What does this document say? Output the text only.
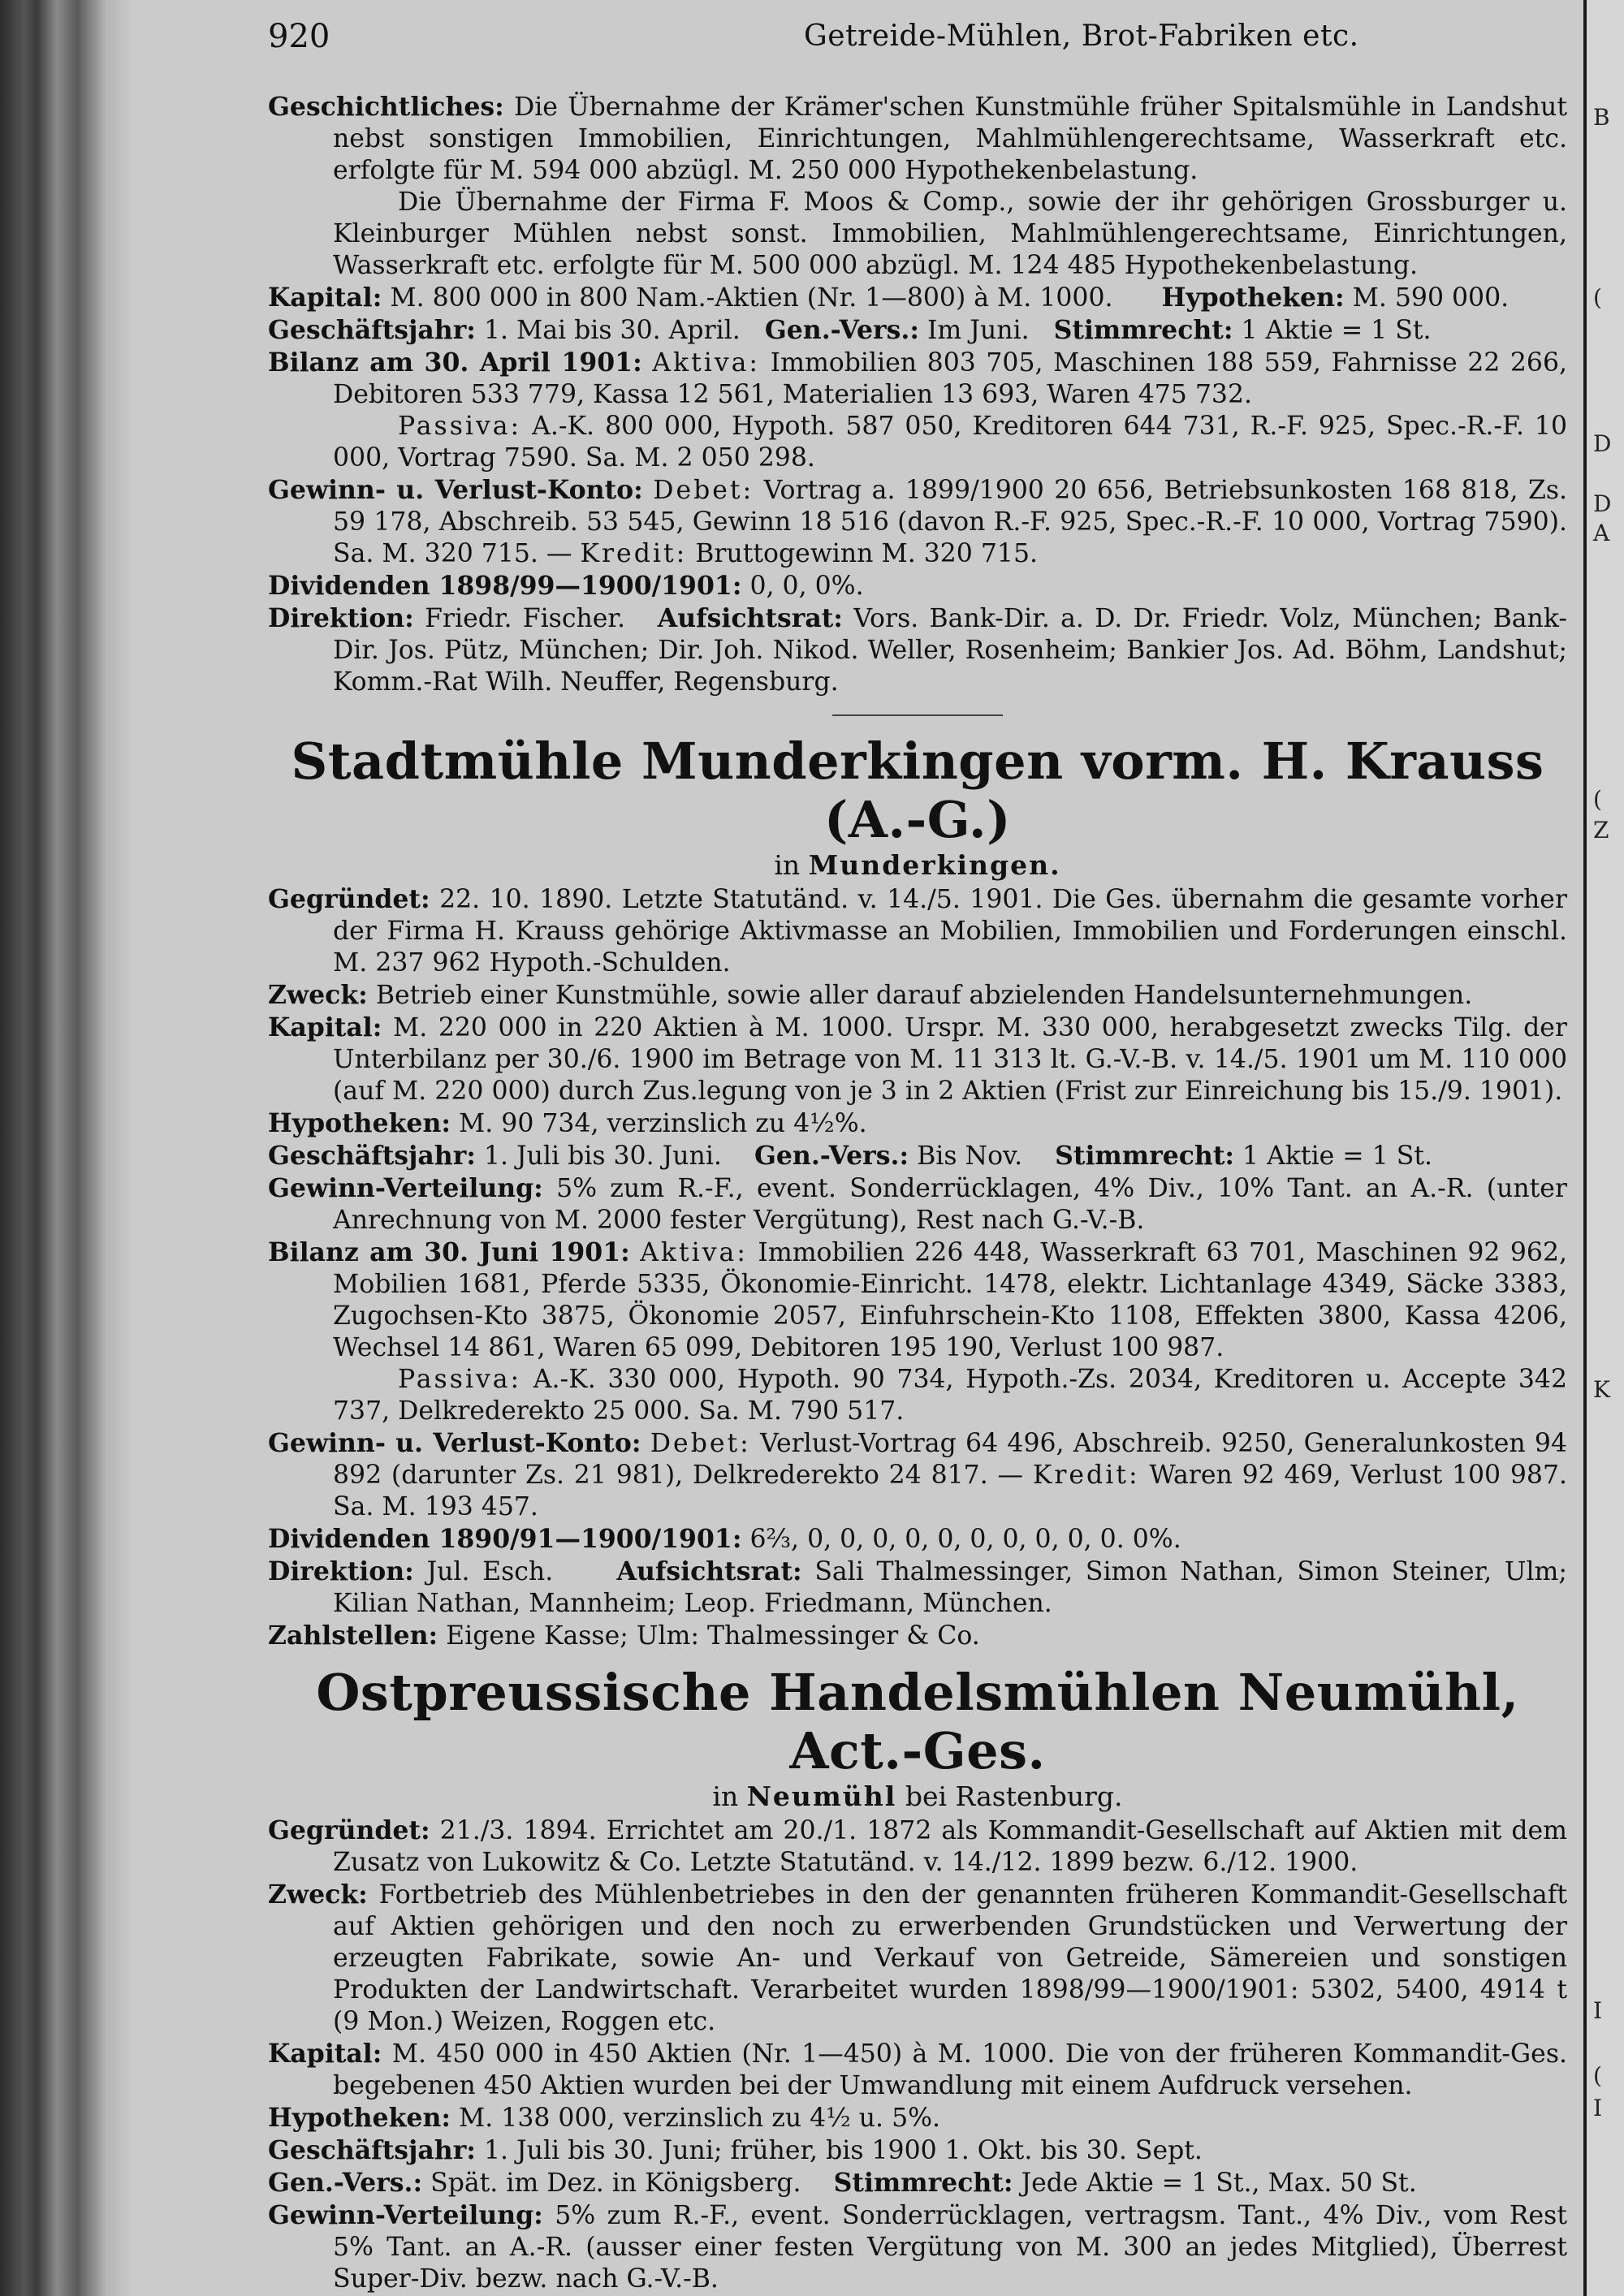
B
(
D
D
A
(
Z
K
I
(
I
920	Getreide-Mühlen, Brot-Fabriken etc.

Geschichtliches: Die Übernahme der Krämer'schen Kunstmühle früher Spitalsmühle in Landshut nebst sonstigen Immobilien, Einrichtungen, Mahlmühlengerechtsame, Wasserkraft etc. erfolgte für M. 594 000 abzügl. M. 250 000 Hypothekenbelastung.

Die Übernahme der Firma F. Moos & Comp., sowie der ihr gehörigen Grossburger u. Kleinburger Mühlen nebst sonst. Immobilien, Mahlmühlengerechtsame, Einrichtungen, Wasserkraft etc. erfolgte für M. 500 000 abzügl. M. 124 485 Hypothekenbelastung.

Kapital: M. 800 000 in 800 Nam.-Aktien (Nr. 1—800) à M. 1000. Hypotheken: M. 590 000.

Geschäftsjahr: 1. Mai bis 30. April. Gen.-Vers.: Im Juni. Stimmrecht: 1 Aktie = 1 St.

Bilanz am 30. April 1901: Aktiva: Immobilien 803 705, Maschinen 188 559, Fahrnisse 22 266, Debitoren 533 779, Kassa 12 561, Materialien 13 693, Waren 475 732.

Passiva: A.-K. 800 000, Hypoth. 587 050, Kreditoren 644 731, R.-F. 925, Spec.-R.-F. 10 000, Vortrag 7590. Sa. M. 2 050 298.

Gewinn- u. Verlust-Konto: Debet: Vortrag a. 1899/1900 20 656, Betriebsunkosten 168 818, Zs. 59 178, Abschreib. 53 545, Gewinn 18 516 (davon R.-F. 925, Spec.-R.-F. 10 000, Vortrag 7590). Sa. M. 320 715. — Kredit: Bruttogewinn M. 320 715.

Dividenden 1898/99—1900/1901: 0, 0, 0%.

Direktion: Friedr. Fischer. Aufsichtsrat: Vors. Bank-Dir. a. D. Dr. Friedr. Volz, München; Bank-Dir. Jos. Pütz, München; Dir. Joh. Nikod. Weller, Rosenheim; Bankier Jos. Ad. Böhm, Landshut; Komm.-Rat Wilh. Neuffer, Regensburg.

Stadtmühle Munderkingen vorm. H. Krauss (A.-G.)

in Munderkingen.

Gegründet: 22. 10. 1890. Letzte Statutänd. v. 14./5. 1901. Die Ges. übernahm die gesamte vorher der Firma H. Krauss gehörige Aktivmasse an Mobilien, Immobilien und Forderungen einschl. M. 237 962 Hypoth.-Schulden.

Zweck: Betrieb einer Kunstmühle, sowie aller darauf abzielenden Handelsunternehmungen.

Kapital: M. 220 000 in 220 Aktien à M. 1000. Urspr. M. 330 000, herabgesetzt zwecks Tilg. der Unterbilanz per 30./6. 1900 im Betrage von M. 11 313 lt. G.-V.-B. v. 14./5. 1901 um M. 110 000 (auf M. 220 000) durch Zus.legung von je 3 in 2 Aktien (Frist zur Einreichung bis 15./9. 1901).

Hypotheken: M. 90 734, verzinslich zu 4½%.

Geschäftsjahr: 1. Juli bis 30. Juni. Gen.-Vers.: Bis Nov. Stimmrecht: 1 Aktie = 1 St.

Gewinn-Verteilung: 5% zum R.-F., event. Sonderrücklagen, 4% Div., 10% Tant. an A.-R. (unter Anrechnung von M. 2000 fester Vergütung), Rest nach G.-V.-B.

Bilanz am 30. Juni 1901: Aktiva: Immobilien 226 448, Wasserkraft 63 701, Maschinen 92 962, Mobilien 1681, Pferde 5335, Ökonomie-Einricht. 1478, elektr. Lichtanlage 4349, Säcke 3383, Zugochsen-Kto 3875, Ökonomie 2057, Einfuhrschein-Kto 1108, Effekten 3800, Kassa 4206, Wechsel 14 861, Waren 65 099, Debitoren 195 190, Verlust 100 987.

Passiva: A.-K. 330 000, Hypoth. 90 734, Hypoth.-Zs. 2034, Kreditoren u. Accepte 342 737, Delkrederekto 25 000. Sa. M. 790 517.

Gewinn- u. Verlust-Konto: Debet: Verlust-Vortrag 64 496, Abschreib. 9250, Generalunkosten 94 892 (darunter Zs. 21 981), Delkrederekto 24 817. — Kredit: Waren 92 469, Verlust 100 987. Sa. M. 193 457.

Dividenden 1890/91—1900/1901: 6⅔, 0, 0, 0, 0, 0, 0, 0, 0, 0, 0. 0%.

Direktion: Jul. Esch. Aufsichtsrat: Sali Thalmessinger, Simon Nathan, Simon Steiner, Ulm; Kilian Nathan, Mannheim; Leop. Friedmann, München.

Zahlstellen: Eigene Kasse; Ulm: Thalmessinger & Co.

Ostpreussische Handelsmühlen Neumühl, Act.-Ges.

in Neumühl bei Rastenburg.

Gegründet: 21./3. 1894. Errichtet am 20./1. 1872 als Kommandit-Gesellschaft auf Aktien mit dem Zusatz von Lukowitz & Co. Letzte Statutänd. v. 14./12. 1899 bezw. 6./12. 1900.

Zweck: Fortbetrieb des Mühlenbetriebes in den der genannten früheren Kommandit-Gesellschaft auf Aktien gehörigen und den noch zu erwerbenden Grundstücken und Verwertung der erzeugten Fabrikate, sowie An- und Verkauf von Getreide, Sämereien und sonstigen Produkten der Landwirtschaft. Verarbeitet wurden 1898/99—1900/1901: 5302, 5400, 4914 t (9 Mon.) Weizen, Roggen etc.

Kapital: M. 450 000 in 450 Aktien (Nr. 1—450) à M. 1000. Die von der früheren Kommandit-Ges. begebenen 450 Aktien wurden bei der Umwandlung mit einem Aufdruck versehen.

Hypotheken: M. 138 000, verzinslich zu 4½ u. 5%.

Geschäftsjahr: 1. Juli bis 30. Juni; früher, bis 1900 1. Okt. bis 30. Sept.

Gen.-Vers.: Spät. im Dez. in Königsberg. Stimmrecht: Jede Aktie = 1 St., Max. 50 St.

Gewinn-Verteilung: 5% zum R.-F., event. Sonderrücklagen, vertragsm. Tant., 4% Div., vom Rest 5% Tant. an A.-R. (ausser einer festen Vergütung von M. 300 an jedes Mitglied), Überrest Super-Div. bezw. nach G.-V.-B.
